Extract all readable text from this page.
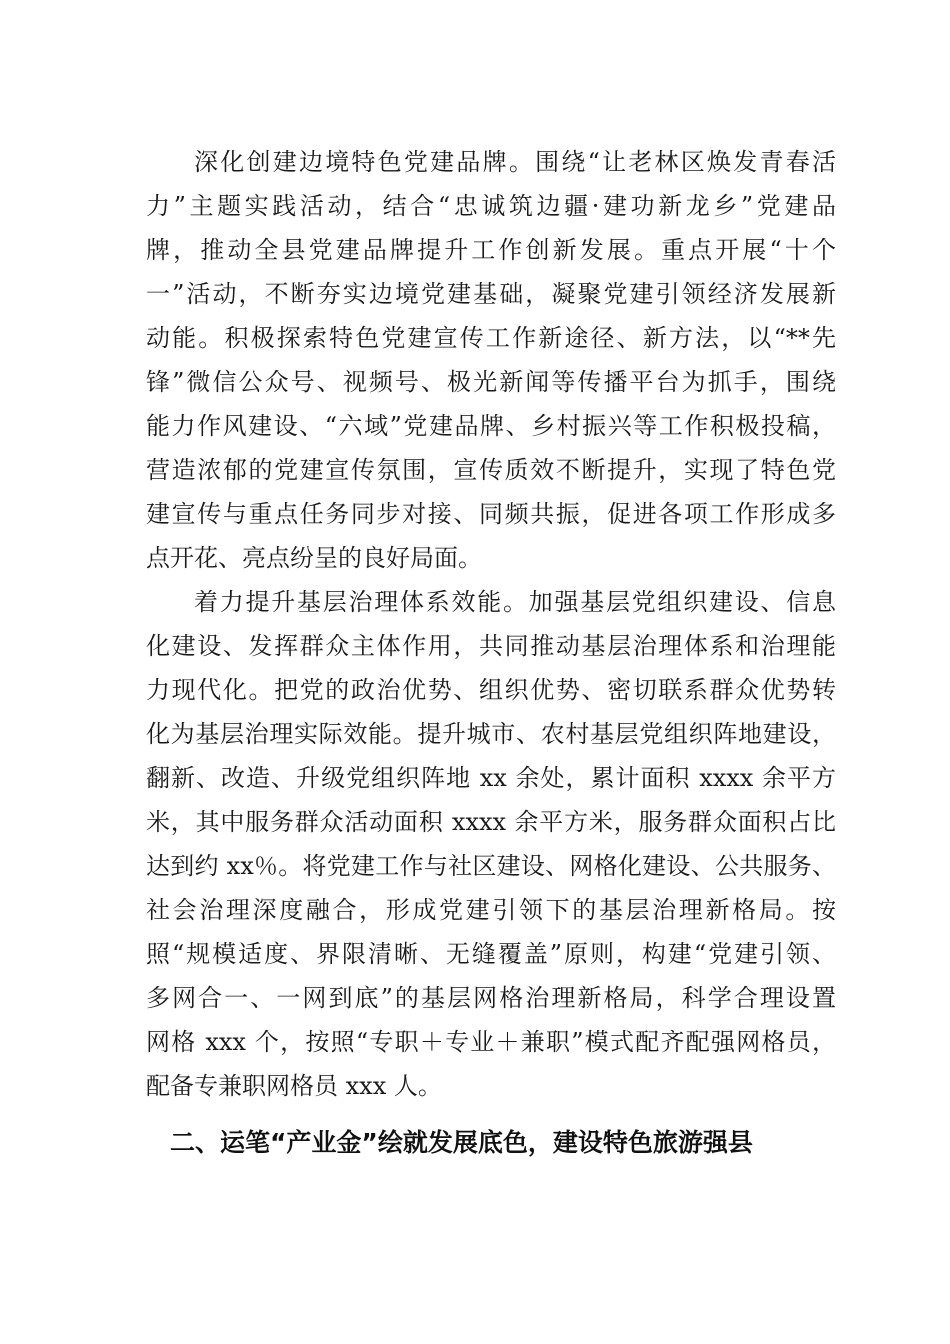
深化创建边境特色党建品牌。围绕“让老林区焕发青春活
力”主题实践活动，结合“忠诚筑边疆·建功新龙乡”党建品
牌，推动全县党建品牌提升工作创新发展。重点开展“十个
一”活动，不断夯实边境党建基础，凝聚党建引领经济发展新
动能。积极探索特色党建宣传工作新途径、新方法，以“**先
锋”微信公众号、视频号、极光新闻等传播平台为抓手，围绕
能力作风建设、“六域”党建品牌、乡村振兴等工作积极投稿，
营造浓郁的党建宣传氛围，宣传质效不断提升，实现了特色党
建宣传与重点任务同步对接、同频共振，促进各项工作形成多
点开花、亮点纷呈的良好局面。
着力提升基层治理体系效能。加强基层党组织建设、信息
化建设、发挥群众主体作用，共同推动基层治理体系和治理能
力现代化。把党的政治优势、组织优势、密切联系群众优势转
化为基层治理实际效能。提升城市、农村基层党组织阵地建设，
翻新、改造、升级党组织阵地 xx 余处，累计面积 xxxx 余平方
米，其中服务群众活动面积 xxxx 余平方米，服务群众面积占比
达到约 xx％。将党建工作与社区建设、网格化建设、公共服务、
社会治理深度融合，形成党建引领下的基层治理新格局。按
照“规模适度、界限清晰、无缝覆盖”原则，构建“党建引领、
多网合一、一网到底”的基层网格治理新格局，科学合理设置
网格 xxx 个，按照“专职＋专业＋兼职”模式配齐配强网格员，
配备专兼职网格员 xxx 人。
二、运笔“产业金”绘就发展底色，建设特色旅游强县
